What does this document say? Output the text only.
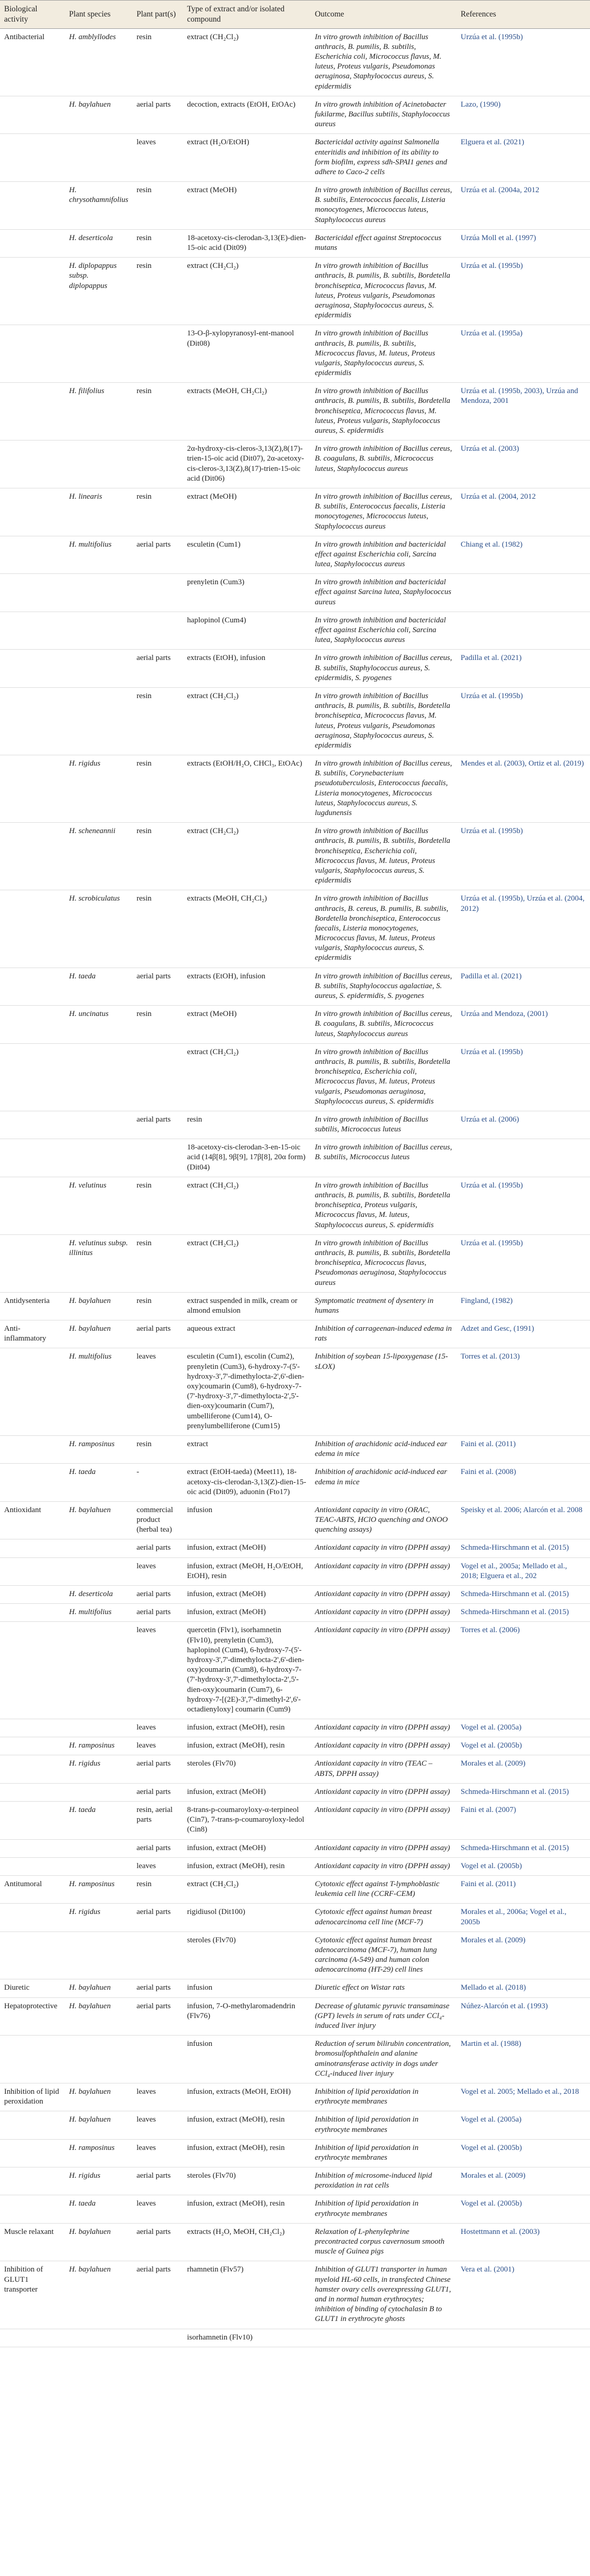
Biological activity	Plant species	Plant part(s)	Type of extract and/or isolated compound	Outcome	References
Antibacterial	H. amblyllodes	resin	extract (CH₂Cl₂)	In vitro growth inhibition of Bacillus anthracis, B. pumilis, B. subtilis, Escherichia coli, Micrococcus flavus, M. luteus, Proteus vulgaris, Pseudomonas aeruginosa, Staphylococcus aureus, S. epidermidis	Urzúa et al. (1995b)
	H. baylahuen	aerial parts	decoction, extracts (EtOH, EtOAc)	In vitro growth inhibition of Acinetobacter fukilarme, Bacillus subtilis, Staphylococcus aureus	Lazo, (1990)
		leaves	extract (H₂O/EtOH)	Bactericidal activity against Salmonella enteritidis and inhibition of its ability to form biofilm, express sdh-SPAI1 genes and adhere to Caco-2 cells	Elguera et al. (2021)
	H. chrysothamnifolius	resin	extract (MeOH)	In vitro growth inhibition of Bacillus cereus, B. subtilis, Enterococcus faecalis, Listeria monocytogenes, Micrococcus luteus, Staphylococcus aureus	Urzúa et al. (2004a, 2012
	H. deserticola	resin	18-acetoxy-cis-clerodan-3,13(E)-dien-15-oic acid (Dit09)	Bactericidal effect against Streptococcus mutans	Urzúa Moll et al. (1997)
	H. diplopappus subsp. diplopappus	resin	extract (CH₂Cl₂)	In vitro growth inhibition of Bacillus anthracis, B. pumilis, B. subtilis, Bordetella bronchiseptica, Micrococcus flavus, M. luteus, Proteus vulgaris, Pseudomonas aeruginosa, Staphylococcus aureus, S. epidermidis	Urzúa et al. (1995b)
			13-O-β-xylopyranosyl-ent-manool (Dit08)	In vitro growth inhibition of Bacillus anthracis, B. pumilis, B. subtilis, Micrococcus flavus, M. luteus, Proteus vulgaris, Staphylococcus aureus, S. epidermidis	Urzúa et al. (1995a)
	H. filifolius	resin	extracts (MeOH, CH₂Cl₂)	In vitro growth inhibition of Bacillus anthracis, B. pumilis, B. subtilis, Bordetella bronchiseptica, Micrococcus flavus, M. luteus, Proteus vulgaris, Staphylococcus aureus, S. epidermidis	Urzúa et al. (1995b, 2003), Urzúa and Mendoza, 2001
			2α-hydroxy-cis-cleros-3,13(Z),8(17)-trien-15-oic acid (Dit07), 2α-acetoxy-cis-cleros-3,13(Z),8(17)-trien-15-oic acid (Dit06)	In vitro growth inhibition of Bacillus cereus, B. coagulans, B. subtilis, Micrococcus luteus, Staphylococcus aureus	Urzúa et al. (2003)
	H. linearis	resin	extract (MeOH)	In vitro growth inhibition of Bacillus cereus, B. subtilis, Enterococcus faecalis, Listeria monocytogenes, Micrococcus luteus, Staphylococcus aureus	Urzúa et al. (2004, 2012
	H. multifolius	aerial parts	esculetin (Cum1)	In vitro growth inhibition and bactericidal effect against Escherichia coli, Sarcina lutea, Staphylococcus aureus	Chiang et al. (1982)
			prenyletin (Cum3)	In vitro growth inhibition and bactericidal effect against Sarcina lutea, Staphylococcus aureus	
			haplopinol (Cum4)	In vitro growth inhibition and bactericidal effect against Escherichia coli, Sarcina lutea, Staphylococcus aureus	
		aerial parts	extracts (EtOH), infusion	In vitro growth inhibition of Bacillus cereus, B. subtilis, Staphylococcus aureus, S. epidermidis, S. pyogenes	Padilla et al. (2021)
		resin	extract (CH₂Cl₂)	In vitro growth inhibition of Bacillus anthracis, B. pumilis, B. subtilis, Bordetella bronchiseptica, Micrococcus flavus, M. luteus, Proteus vulgaris, Pseudomonas aeruginosa, Staphylococcus aureus, S. epidermidis	Urzúa et al. (1995b)
	H. rigidus	resin	extracts (EtOH/H₂O, CHCl₃, EtOAc)	In vitro growth inhibition of Bacillus cereus, B. subtilis, Corynebacterium pseudotuberculosis, Enterococcus faecalis, Listeria monocytogenes, Micrococcus luteus, Staphylococcus aureus, S. lugdunensis	Mendes et al. (2003), Ortiz et al. (2019)
	H. scheneannii	resin	extract (CH₂Cl₂)	In vitro growth inhibition of Bacillus anthracis, B. pumilis, B. subtilis, Bordetella bronchiseptica, Escherichia coli, Micrococcus flavus, M. luteus, Proteus vulgaris, Staphylococcus aureus, S. epidermidis	Urzúa et al. (1995b)
	H. scrobiculatus	resin	extracts (MeOH, CH₂Cl₂)	In vitro growth inhibition of Bacillus anthracis, B. cereus, B. pumilis, B. subtilis, Bordetella bronchiseptica, Enterococcus faecalis, Listeria monocytogenes, Micrococcus flavus, M. luteus, Proteus vulgaris, Staphylococcus aureus, S. epidermidis	Urzúa et al. (1995b), Urzúa et al. (2004, 2012)
	H. taeda	aerial parts	extracts (EtOH), infusion	In vitro growth inhibition of Bacillus cereus, B. subtilis, Staphylococcus agalactiae, S. aureus, S. epidermidis, S. pyogenes	Padilla et al. (2021)
	H. uncinatus	resin	extract (MeOH)	In vitro growth inhibition of Bacillus cereus, B. coagulans, B. subtilis, Micrococcus luteus, Staphylococcus aureus	Urzúa and Mendoza, (2001)
			extract (CH₂Cl₂)	In vitro growth inhibition of Bacillus anthracis, B. pumilis, B. subtilis, Bordetella bronchiseptica, Escherichia coli, Micrococcus flavus, M. luteus, Proteus vulgaris, Pseudomonas aeruginosa, Staphylococcus aureus, S. epidermidis	Urzúa et al. (1995b)
		aerial parts	resin	In vitro growth inhibition of Bacillus subtilis, Micrococcus luteus	Urzúa et al. (2006)
			18-acetoxy-cis-clerodan-3-en-15-oic acid (14β[8], 9β[9], 17β[8], 20α form) (Dit04)	In vitro growth inhibition of Bacillus cereus, B. subtilis, Micrococcus luteus	
	H. velutinus	resin	extract (CH₂Cl₂)	In vitro growth inhibition of Bacillus anthracis, B. pumilis, B. subtilis, Bordetella bronchiseptica, Proteus vulgaris, Micrococcus flavus, M. luteus, Staphylococcus aureus, S. epidermidis	Urzúa et al. (1995b)
	H. velutinus subsp. illinitus	resin	extract (CH₂Cl₂)	In vitro growth inhibition of Bacillus anthracis, B. pumilis, B. subtilis, Bordetella bronchiseptica, Micrococcus flavus, Pseudomonas aeruginosa, Staphylococcus aureus	Urzúa et al. (1995b)
Antidysenteria	H. baylahuen	resin	extract suspended in milk, cream or almond emulsion	Symptomatic treatment of dysentery in humans	Fingland, (1982)
Anti-inflammatory	H. baylahuen	aerial parts	aqueous extract	Inhibition of carrageenan-induced edema in rats	Adzet and Gesc, (1991)
	H. multifolius	leaves	esculetin (Cum1), escolin (Cum2), prenyletin (Cum3), 6-hydroxy-7-(5'-hydroxy-3',7'-dimethylocta-2',6'-dien-oxy)coumarin (Cum8), 6-hydroxy-7-(7'-hydroxy-3',7'-dimethylocta-2',5'-dien-oxy)coumarin (Cum7), umbelliferone (Cum14), O-prenylumbelliferone (Cum15)	Inhibition of soybean 15-lipoxygenase (15-sLOX)	Torres et al. (2013)
	H. ramposinus	resin	extract	Inhibition of arachidonic acid-induced ear edema in mice	Faini et al. (2011)
	H. taeda	-	extract (EtOH-taeda) (Meet11), 18-acetoxy-cis-clerodan-3,13(Z)-dien-15-oic acid (Dit09), aduonin (Fto17)	Inhibition of arachidonic acid-induced ear edema in mice	Faini et al. (2008)
Antioxidant	H. baylahuen	commercial product (herbal tea)	infusion	Antioxidant capacity in vitro (ORAC, TEAC-ABTS, HClO quenching and ONOO quenching assays)	Speisky et al. 2006; Alarcón et al. 2008
		aerial parts	infusion, extract (MeOH)	Antioxidant capacity in vitro (DPPH assay)	Schmeda-Hirschmann et al. (2015)
		leaves	infusion, extract (MeOH, H₂O/EtOH, EtOH), resin	Antioxidant capacity in vitro (DPPH assay)	Vogel et al., 2005a; Mellado et al., 2018; Elguera et al., 202
	H. deserticola	aerial parts	infusion, extract (MeOH)	Antioxidant capacity in vitro (DPPH assay)	Schmeda-Hirschmann et al. (2015)
	H. multifolius	aerial parts	infusion, extract (MeOH)	Antioxidant capacity in vitro (DPPH assay)	Schmeda-Hirschmann et al. (2015)
		leaves	quercetin (Flv1), isorhamnetin (Flv10), prenyletin (Cum3), haplopinol (Cum4), 6-hydroxy-7-(5'-hydroxy-3',7'-dimethylocta-2',6'-dien-oxy)coumarin (Cum8), 6-hydroxy-7-(7'-hydroxy-3',7'-dimethylocta-2',5'-dien-oxy)coumarin (Cum7), 6-hydroxy-7-[(2E)-3',7'-dimethyl-2',6'-octadienyloxy] coumarin (Cum9)	Antioxidant capacity in vitro (DPPH assay)	Torres et al. (2006)
		leaves	infusion, extract (MeOH), resin	Antioxidant capacity in vitro (DPPH assay)	Vogel et al. (2005a)
	H. ramposinus	leaves	infusion, extract (MeOH), resin	Antioxidant capacity in vitro (DPPH assay)	Vogel et al. (2005b)
	H. rigidus	aerial parts	steroles (Flv70)	Antioxidant capacity in vitro (TEAC – ABTS, DPPH assay)	Morales et al. (2009)
		aerial parts	infusion, extract (MeOH)	Antioxidant capacity in vitro (DPPH assay)	Schmeda-Hirschmann et al. (2015)
	H. taeda	resin, aerial parts	8-trans-p-coumaroyloxy-α-terpineol (Cin7), 7-trans-p-coumaroyloxy-ledol (Cin8)	Antioxidant capacity in vitro (DPPH assay)	Faini et al. (2007)
		aerial parts	infusion, extract (MeOH)	Antioxidant capacity in vitro (DPPH assay)	Schmeda-Hirschmann et al. (2015)
		leaves	infusion, extract (MeOH), resin	Antioxidant capacity in vitro (DPPH assay)	Vogel et al. (2005b)
Antitumoral	H. ramposinus	resin	extract (CH₂Cl₂)	Cytotoxic effect against T-lymphoblastic leukemia cell line (CCRF-CEM)	Faini et al. (2011)
	H. rigidus	aerial parts	rigidiusol (Dit100)	Cytotoxic effect against human breast adenocarcinoma cell line (MCF-7)	Morales et al., 2006a; Vogel et al., 2005b
			steroles (Flv70)	Cytotoxic effect against human breast adenocarcinoma (MCF-7), human lung carcinoma (A-549) and human colon adenocarcinoma (HT-29) cell lines	Morales et al. (2009)
Diuretic	H. baylahuen	aerial parts	infusion	Diuretic effect on Wistar rats	Mellado et al. (2018)
Hepatoprotective	H. baylahuen	aerial parts	infusion, 7-O-methylaromadendrin (Flv76)	Decrease of glutamic pyruvic transaminase (GPT) levels in serum of rats under CCl₄-induced liver injury	Núñez-Alarcón et al. (1993)
			infusion	Reduction of serum bilirubin concentration, bromosulfophthalein and alanine aminotransferase activity in dogs under CCl₄-induced liver injury	Martin et al. (1988)
Inhibition of lipid peroxidation	H. baylahuen	leaves	infusion, extracts (MeOH, EtOH)	Inhibition of lipid peroxidation in erythrocyte membranes	Vogel et al. 2005; Mellado et al., 2018
	H. baylahuen	leaves	infusion, extract (MeOH), resin	Inhibition of lipid peroxidation in erythrocyte membranes	Vogel et al. (2005a)
	H. ramposinus	leaves	infusion, extract (MeOH), resin	Inhibition of lipid peroxidation in erythrocyte membranes	Vogel et al. (2005b)
	H. rigidus	aerial parts	steroles (Flv70)	Inhibition of microsome-induced lipid peroxidation in rat cells	Morales et al. (2009)
	H. taeda	leaves	infusion, extract (MeOH), resin	Inhibition of lipid peroxidation in erythrocyte membranes	Vogel et al. (2005b)
Muscle relaxant	H. baylahuen	aerial parts	extracts (H₂O, MeOH, CH₂Cl₂)	Relaxation of L-phenylephrine precontracted corpus cavernosum smooth muscle of Guinea pigs	Hostettmann et al. (2003)
Inhibition of GLUT1 transporter	H. baylahuen	aerial parts	rhamnetin (Flv57)	Inhibition of GLUT1 transporter in human myeloid HL-60 cells, in transfected Chinese hamster ovary cells overexpressing GLUT1, and in normal human erythrocytes; inhibition of binding of cytochalasin B to GLUT1 in erythrocyte ghosts	Vera et al. (2001)
			isorhamnetin (Flv10)		
